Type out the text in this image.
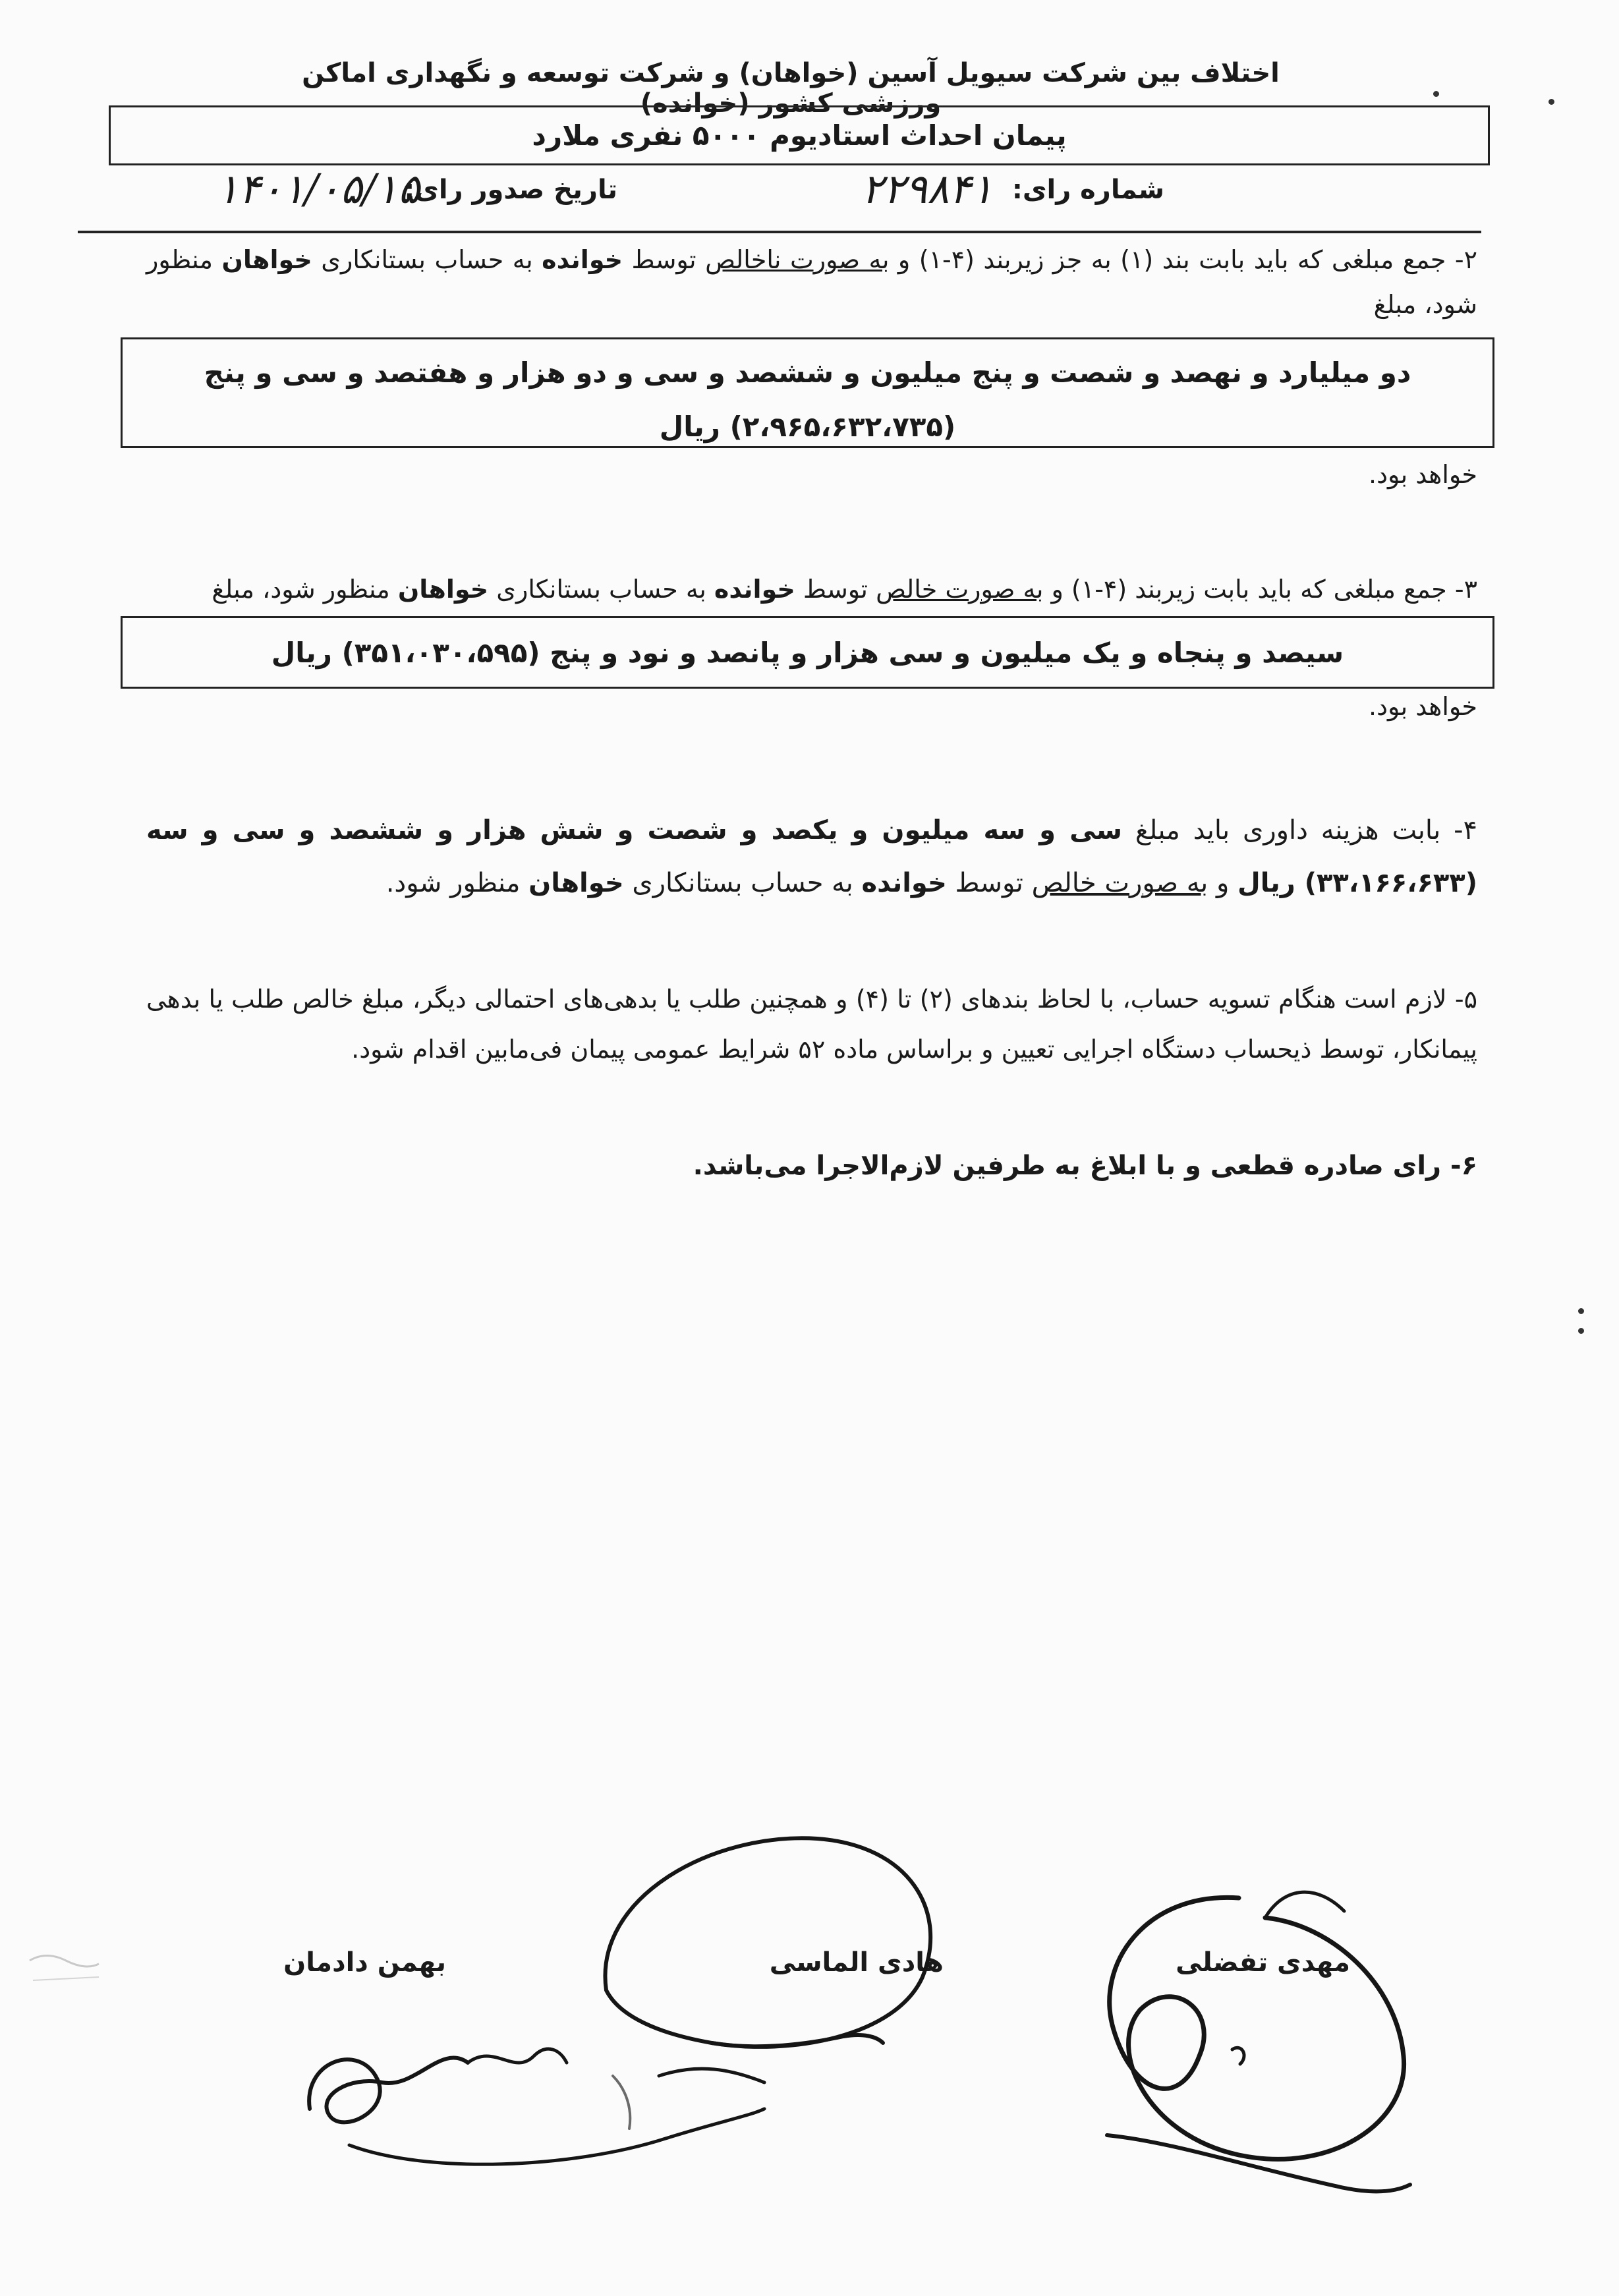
اختلاف بین شرکت سیویل آسین (خواهان) و شرکت توسعه و نگهداری اماکن ورزشی کشور (خوانده)
پیمان احداث استادیوم ۵۰۰۰ نفری ملارد
شماره رای:
۲۲۹۸۴۱
تاریخ صدور رای:
۱۴۰۱/۰۵/۱۵
۲- جمع مبلغی که باید بابت بند (۱) به جز زیربند (۴-۱) و به صورت ناخالص توسط خوانده به حساب بستانکاری خواهان منظور شود، مبلغ
دو میلیارد و نهصد و شصت و پنج میلیون و ششصد و سی و دو هزار و هفتصد و سی و پنج (۲،۹۶۵،۶۳۲،۷۳۵) ریال
خواهد بود.
۳- جمع مبلغی که باید بابت زیربند (۴-۱) و به صورت خالص توسط خوانده به حساب بستانکاری خواهان منظور شود، مبلغ
سیصد و پنجاه و یک میلیون و سی هزار و پانصد و نود و پنج (۳۵۱،۰۳۰،۵۹۵) ریال
خواهد بود.
۴- بابت هزینه داوری باید مبلغ سی و سه میلیون و یکصد و شصت و شش هزار و ششصد و سی و سه (۳۳،۱۶۶،۶۳۳) ریال و به صورت خالص توسط خوانده به حساب بستانکاری خواهان منظور شود.
۵- لازم است هنگام تسویه حساب، با لحاظ بندهای (۲) تا (۴) و همچنین طلب یا بدهی‌های احتمالی دیگر، مبلغ خالص طلب یا بدهی پیمانکار، توسط ذیحساب دستگاه اجرایی تعیین و براساس ماده ۵۲ شرایط عمومی پیمان فی‌مابین اقدام شود.
۶- رای صادره قطعی و با ابلاغ به طرفین لازم‌الاجرا می‌باشد.
مهدی تفضلی
هادی الماسی
بهمن دادمان
